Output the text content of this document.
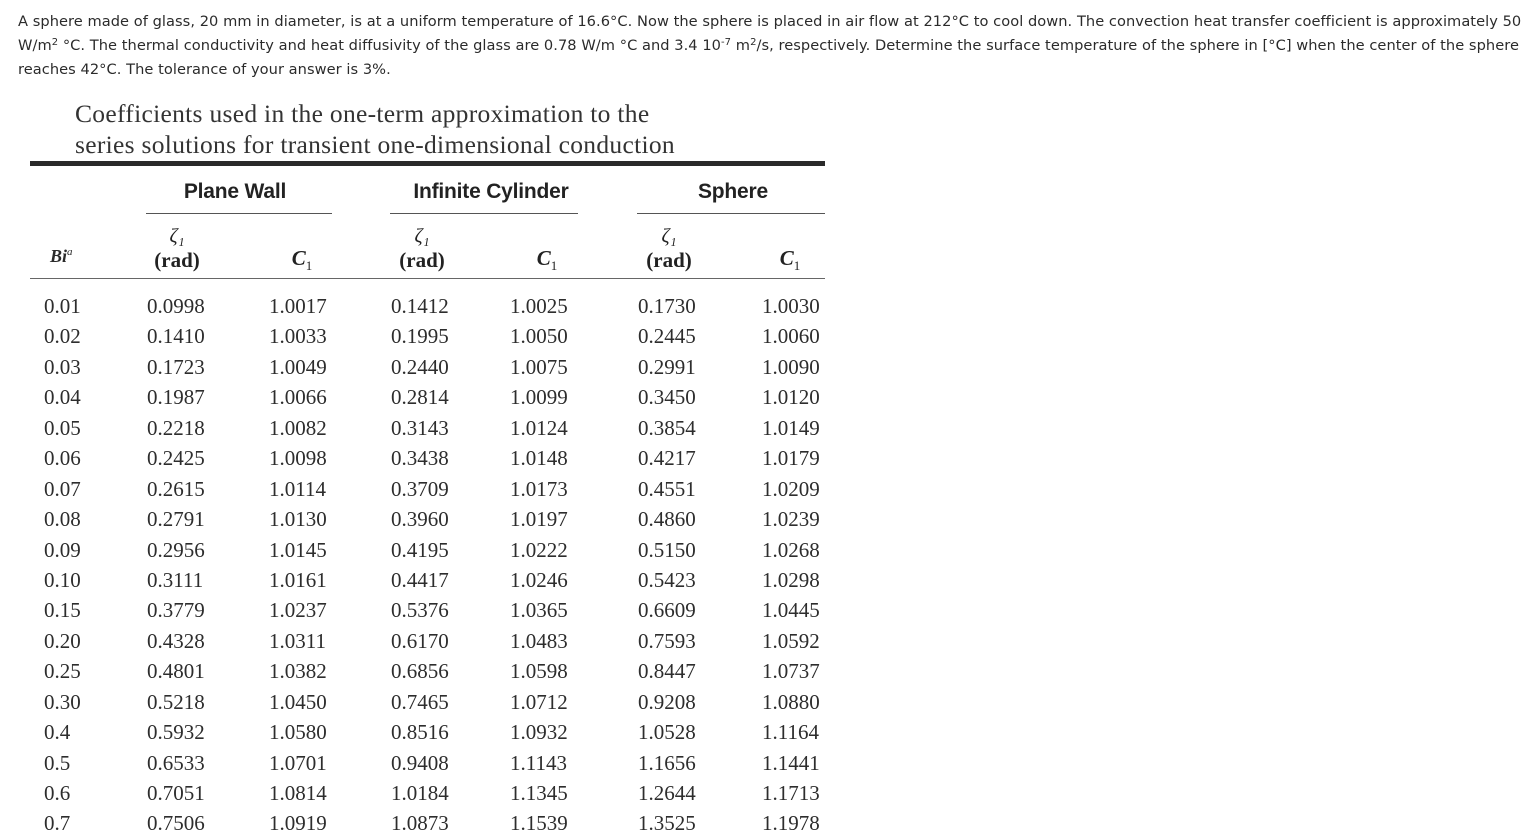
A sphere made of glass, 20 mm in diameter, is at a uniform temperature of 16.6°C. Now the sphere is placed in air flow at 212°C to cool down. The convection heat transfer coefficient is approximately 50 $W/m^2$ °C. The thermal conductivity and heat diffusivity of the glass are 0.78 W/m °C and 3.4 $10^{-7}$ $m^2/s$, respectively. Determine the surface temperature of the sphere in [°C] when the center of the sphere reaches 42°C. The tolerance of your answer is 3%.
Coefficients used in the one-term approximation to the
series solutions for transient one-dimensional conduction
Plane Wall	Infinite Cylinder	Sphere
Bi$^a$
ζ₁
(rad)	$C_1$
ζ₁
(rad)	$C_1$
ζ₁
(rad)	$C_1$
0.01	0.0998	1.0017	0.1412	1.0025	0.1730	1.0030
0.02	0.1410	1.0033	0.1995	1.0050	0.2445	1.0060
0.03	0.1723	1.0049	0.2440	1.0075	0.2991	1.0090
0.04	0.1987	1.0066	0.2814	1.0099	0.3450	1.0120
0.05	0.2218	1.0082	0.3143	1.0124	0.3854	1.0149
0.06	0.2425	1.0098	0.3438	1.0148	0.4217	1.0179
0.07	0.2615	1.0114	0.3709	1.0173	0.4551	1.0209
0.08	0.2791	1.0130	0.3960	1.0197	0.4860	1.0239
0.09	0.2956	1.0145	0.4195	1.0222	0.5150	1.0268
0.10	0.3111	1.0161	0.4417	1.0246	0.5423	1.0298
0.15	0.3779	1.0237	0.5376	1.0365	0.6609	1.0445
0.20	0.4328	1.0311	0.6170	1.0483	0.7593	1.0592
0.25	0.4801	1.0382	0.6856	1.0598	0.8447	1.0737
0.30	0.5218	1.0450	0.7465	1.0712	0.9208	1.0880
0.4	0.5932	1.0580	0.8516	1.0932	1.0528	1.1164
0.5	0.6533	1.0701	0.9408	1.1143	1.1656	1.1441
0.6	0.7051	1.0814	1.0184	1.1345	1.2644	1.1713
0.7	0.7506	1.0919	1.0873	1.1539	1.3525	1.1978
